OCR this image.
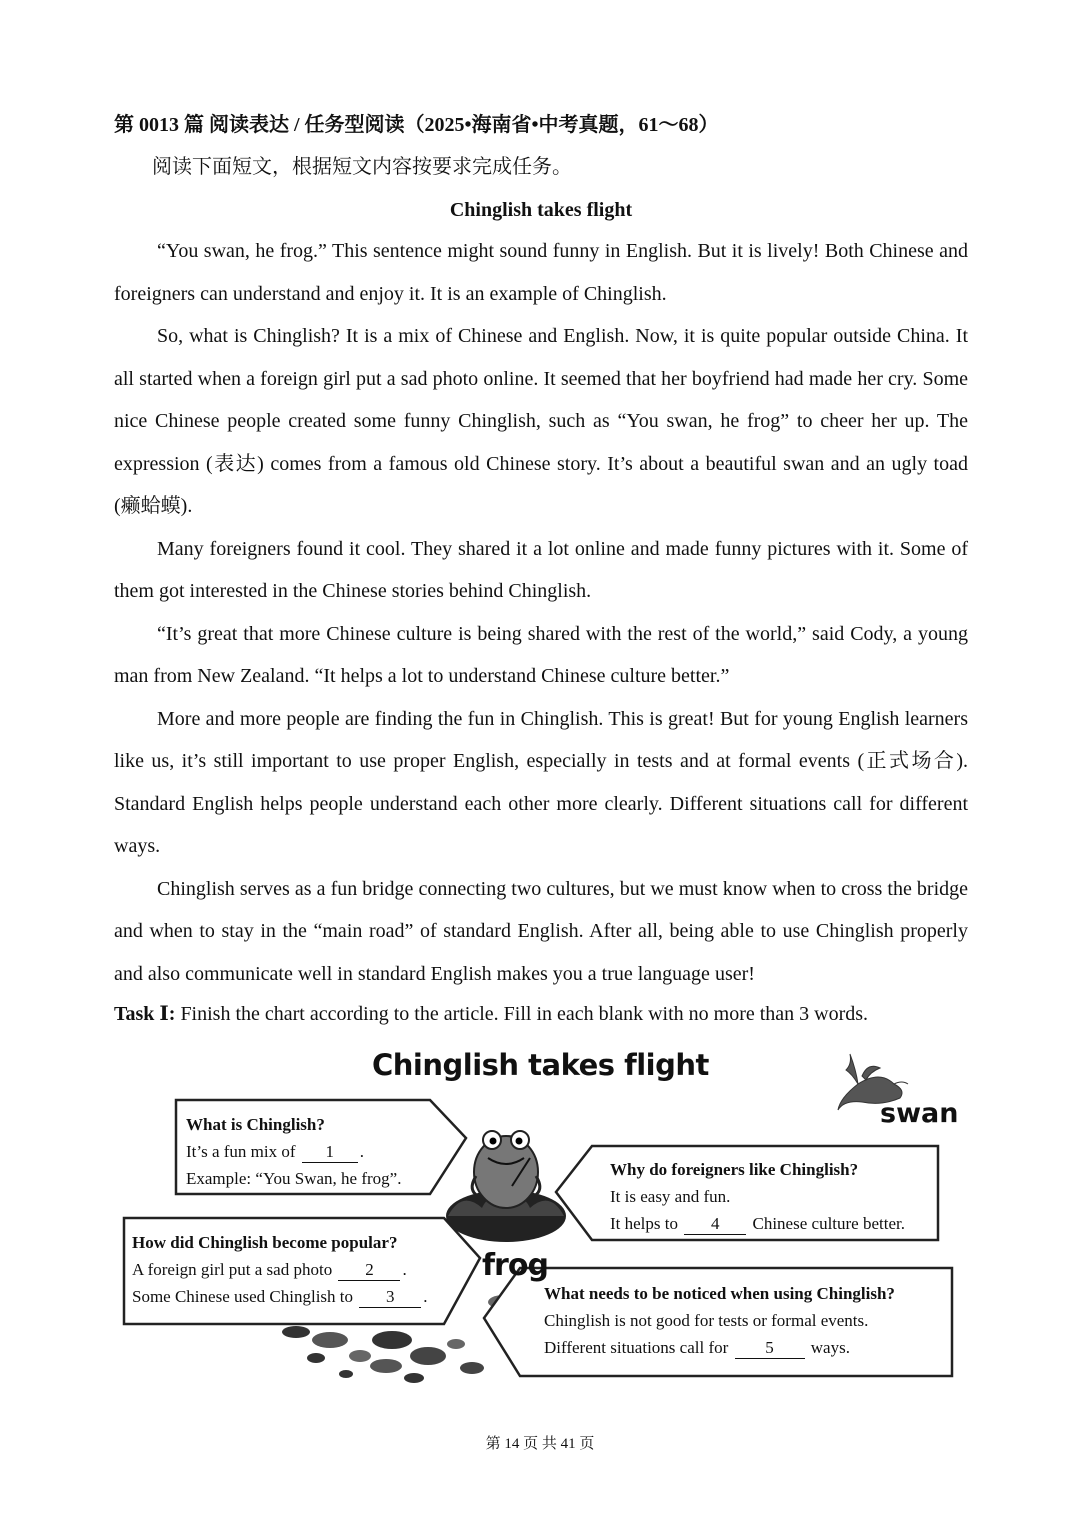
第 0013 篇 阅读表达 / 任务型阅读（2025•海南省•中考真题，61～68）
阅读下面短文，根据短文内容按要求完成任务。
Chinglish takes flight

“You swan, he frog.” This sentence might sound funny in English. But it is lively! Both Chinese and foreigners can understand and enjoy it. It is an example of Chinglish.

So, what is Chinglish? It is a mix of Chinese and English. Now, it is quite popular outside China. It all started when a foreign girl put a sad photo online. It seemed that her boyfriend had made her cry. Some nice Chinese people created some funny Chinglish, such as “You swan, he frog” to cheer her up. The expression (表达) comes from a famous old Chinese story. It’s about a beautiful swan and an ugly toad (癞蛤蟆).

Many foreigners found it cool. They shared it a lot online and made funny pictures with it. Some of them got interested in the Chinese stories behind Chinglish.

“It’s great that more Chinese culture is being shared with the rest of the world,” said Cody, a young man from New Zealand. “It helps a lot to understand Chinese culture better.”

More and more people are finding the fun in Chinglish. This is great! But for young English learners like us, it’s still important to use proper English, especially in tests and at formal events (正式场合). Standard English helps people understand each other more clearly. Different situations call for different ways.

Chinglish serves as a fun bridge connecting two cultures, but we must know when to cross the bridge and when to stay in the “main road” of standard English. After all, being able to use Chinglish properly and also communicate well in standard English makes you a true language user!

Task Ⅰ: Finish the chart according to the article. Fill in each blank with no more than 3 words.
Chinglish takes flight
swan
frog
What is Chinglish?
It’s a fun mix of 1 .
Example: “You Swan, he frog”.
How did Chinglish become popular?
A foreign girl put a sad photo 2 .
Some Chinese used Chinglish to 3 .
Why do foreigners like Chinglish?
It is easy and fun.
It helps to 4 Chinese culture better.
What needs to be noticed when using Chinglish?
Chinglish is not good for tests or formal events.
Different situations call for 5 ways.
第 14 页 共 41 页
